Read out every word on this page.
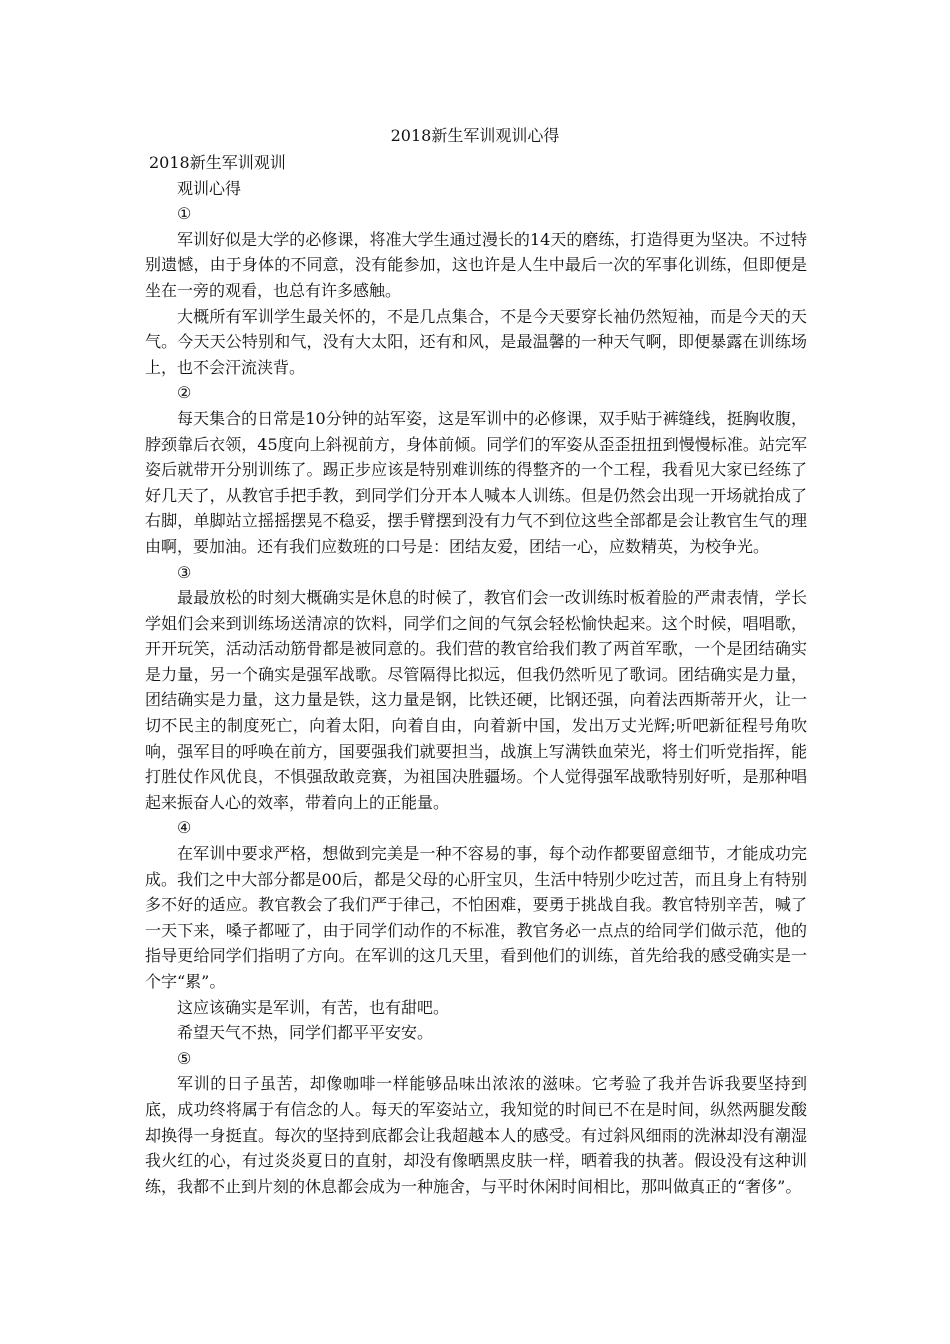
2018新生军训观训心得

2018新生军训观训

观训心得

①

军训好似是大学的必修课，将准大学生通过漫长的14天的磨练，打造得更为坚决。不过特别遗憾，由于身体的不同意，没有能参加，这也许是人生中最后一次的军事化训练，但即便是坐在一旁的观看，也总有许多感触。

大概所有军训学生最关怀的，不是几点集合，不是今天要穿长袖仍然短袖，而是今天的天气。今天天公特别和气，没有大太阳，还有和风，是最温馨的一种天气啊，即便暴露在训练场上，也不会汗流浃背。

②

每天集合的日常是10分钟的站军姿，这是军训中的必修课，双手贴于裤缝线，挺胸收腹，脖颈靠后衣领，45度向上斜视前方，身体前倾。同学们的军姿从歪歪扭扭到慢慢标准。站完军姿后就带开分别训练了。踢正步应该是特别难训练的得整齐的一个工程，我看见大家已经练了好几天了，从教官手把手教，到同学们分开本人喊本人训练。但是仍然会出现一开场就抬成了右脚，单脚站立摇摇摆晃不稳妥，摆手臂摆到没有力气不到位这些全部都是会让教官生气的理由啊，要加油。还有我们应数班的口号是：团结友爱，团结一心，应数精英，为校争光。

③

最最放松的时刻大概确实是休息的时候了，教官们会一改训练时板着脸的严肃表情，学长学姐们会来到训练场送清凉的饮料，同学们之间的气氛会轻松愉快起来。这个时候，唱唱歌，开开玩笑，活动活动筋骨都是被同意的。我们营的教官给我们教了两首军歌，一个是团结确实是力量，另一个确实是强军战歌。尽管隔得比拟远，但我仍然听见了歌词。团结确实是力量，团结确实是力量，这力量是铁，这力量是钢，比铁还硬，比钢还强，向着法西斯蒂开火，让一切不民主的制度死亡，向着太阳，向着自由，向着新中国，发出万丈光辉;听吧新征程号角吹响，强军目的呼唤在前方，国要强我们就要担当，战旗上写满铁血荣光，将士们听党指挥，能打胜仗作风优良，不惧强敌敢竞赛，为祖国决胜疆场。个人觉得强军战歌特别好听，是那种唱起来振奋人心的效率，带着向上的正能量。

④

在军训中要求严格，想做到完美是一种不容易的事，每个动作都要留意细节，才能成功完成。我们之中大部分都是00后，都是父母的心肝宝贝，生活中特别少吃过苦，而且身上有特别多不好的适应。教官教会了我们严于律己，不怕困难，要勇于挑战自我。教官特别辛苦，喊了一天下来，嗓子都哑了，由于同学们动作的不标准，教官务必一点点的给同学们做示范，他的指导更给同学们指明了方向。在军训的这几天里，看到他们的训练，首先给我的感受确实是一个字“累”。

这应该确实是军训，有苦，也有甜吧。

希望天气不热，同学们都平平安安。

⑤

军训的日子虽苦，却像咖啡一样能够品味出浓浓的滋味。它考验了我并告诉我要坚持到底，成功终将属于有信念的人。每天的军姿站立，我知觉的时间已不在是时间，纵然两腿发酸却换得一身挺直。每次的坚持到底都会让我超越本人的感受。有过斜风细雨的洗淋却没有潮湿我火红的心，有过炎炎夏日的直射，却没有像晒黑皮肤一样，晒着我的执著。假设没有这种训练，我都不止到片刻的休息都会成为一种施舍，与平时休闲时间相比，那叫做真正的“奢侈”。
